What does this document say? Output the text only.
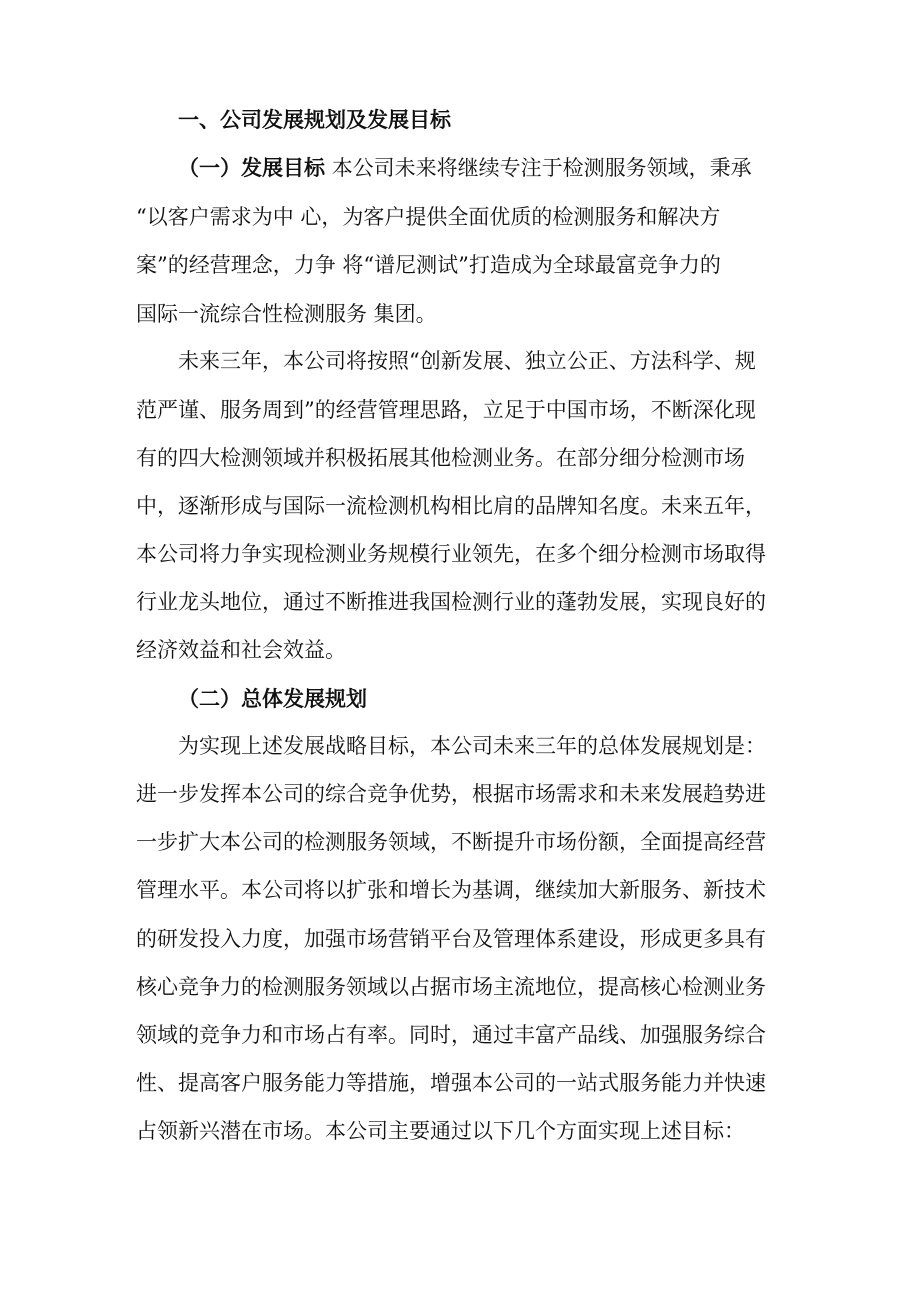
一、公司发展规划及发展目标
（一）发展目标 本公司未来将继续专注于检测服务领域，秉承
“以客户需求为中 心，为客户提供全面优质的检测服务和解决方
案”的经营理念，力争 将“谱尼测试”打造成为全球最富竞争力的
国际一流综合性检测服务 集团。
未来三年，本公司将按照“创新发展、独立公正、方法科学、规
范严谨、服务周到”的经营管理思路，立足于中国市场，不断深化现
有的四大检测领域并积极拓展其他检测业务。在部分细分检测市场
中，逐渐形成与国际一流检测机构相比肩的品牌知名度。未来五年，
本公司将力争实现检测业务规模行业领先，在多个细分检测市场取得
行业龙头地位，通过不断推进我国检测行业的蓬勃发展，实现良好的
经济效益和社会效益。
（二）总体发展规划
为实现上述发展战略目标，本公司未来三年的总体发展规划是：
进一步发挥本公司的综合竞争优势，根据市场需求和未来发展趋势进
一步扩大本公司的检测服务领域，不断提升市场份额，全面提高经营
管理水平。本公司将以扩张和增长为基调，继续加大新服务、新技术
的研发投入力度，加强市场营销平台及管理体系建设，形成更多具有
核心竞争力的检测服务领域以占据市场主流地位，提高核心检测业务
领域的竞争力和市场占有率。同时，通过丰富产品线、加强服务综合
性、提高客户服务能力等措施，增强本公司的一站式服务能力并快速
占领新兴潜在市场。本公司主要通过以下几个方面实现上述目标：
